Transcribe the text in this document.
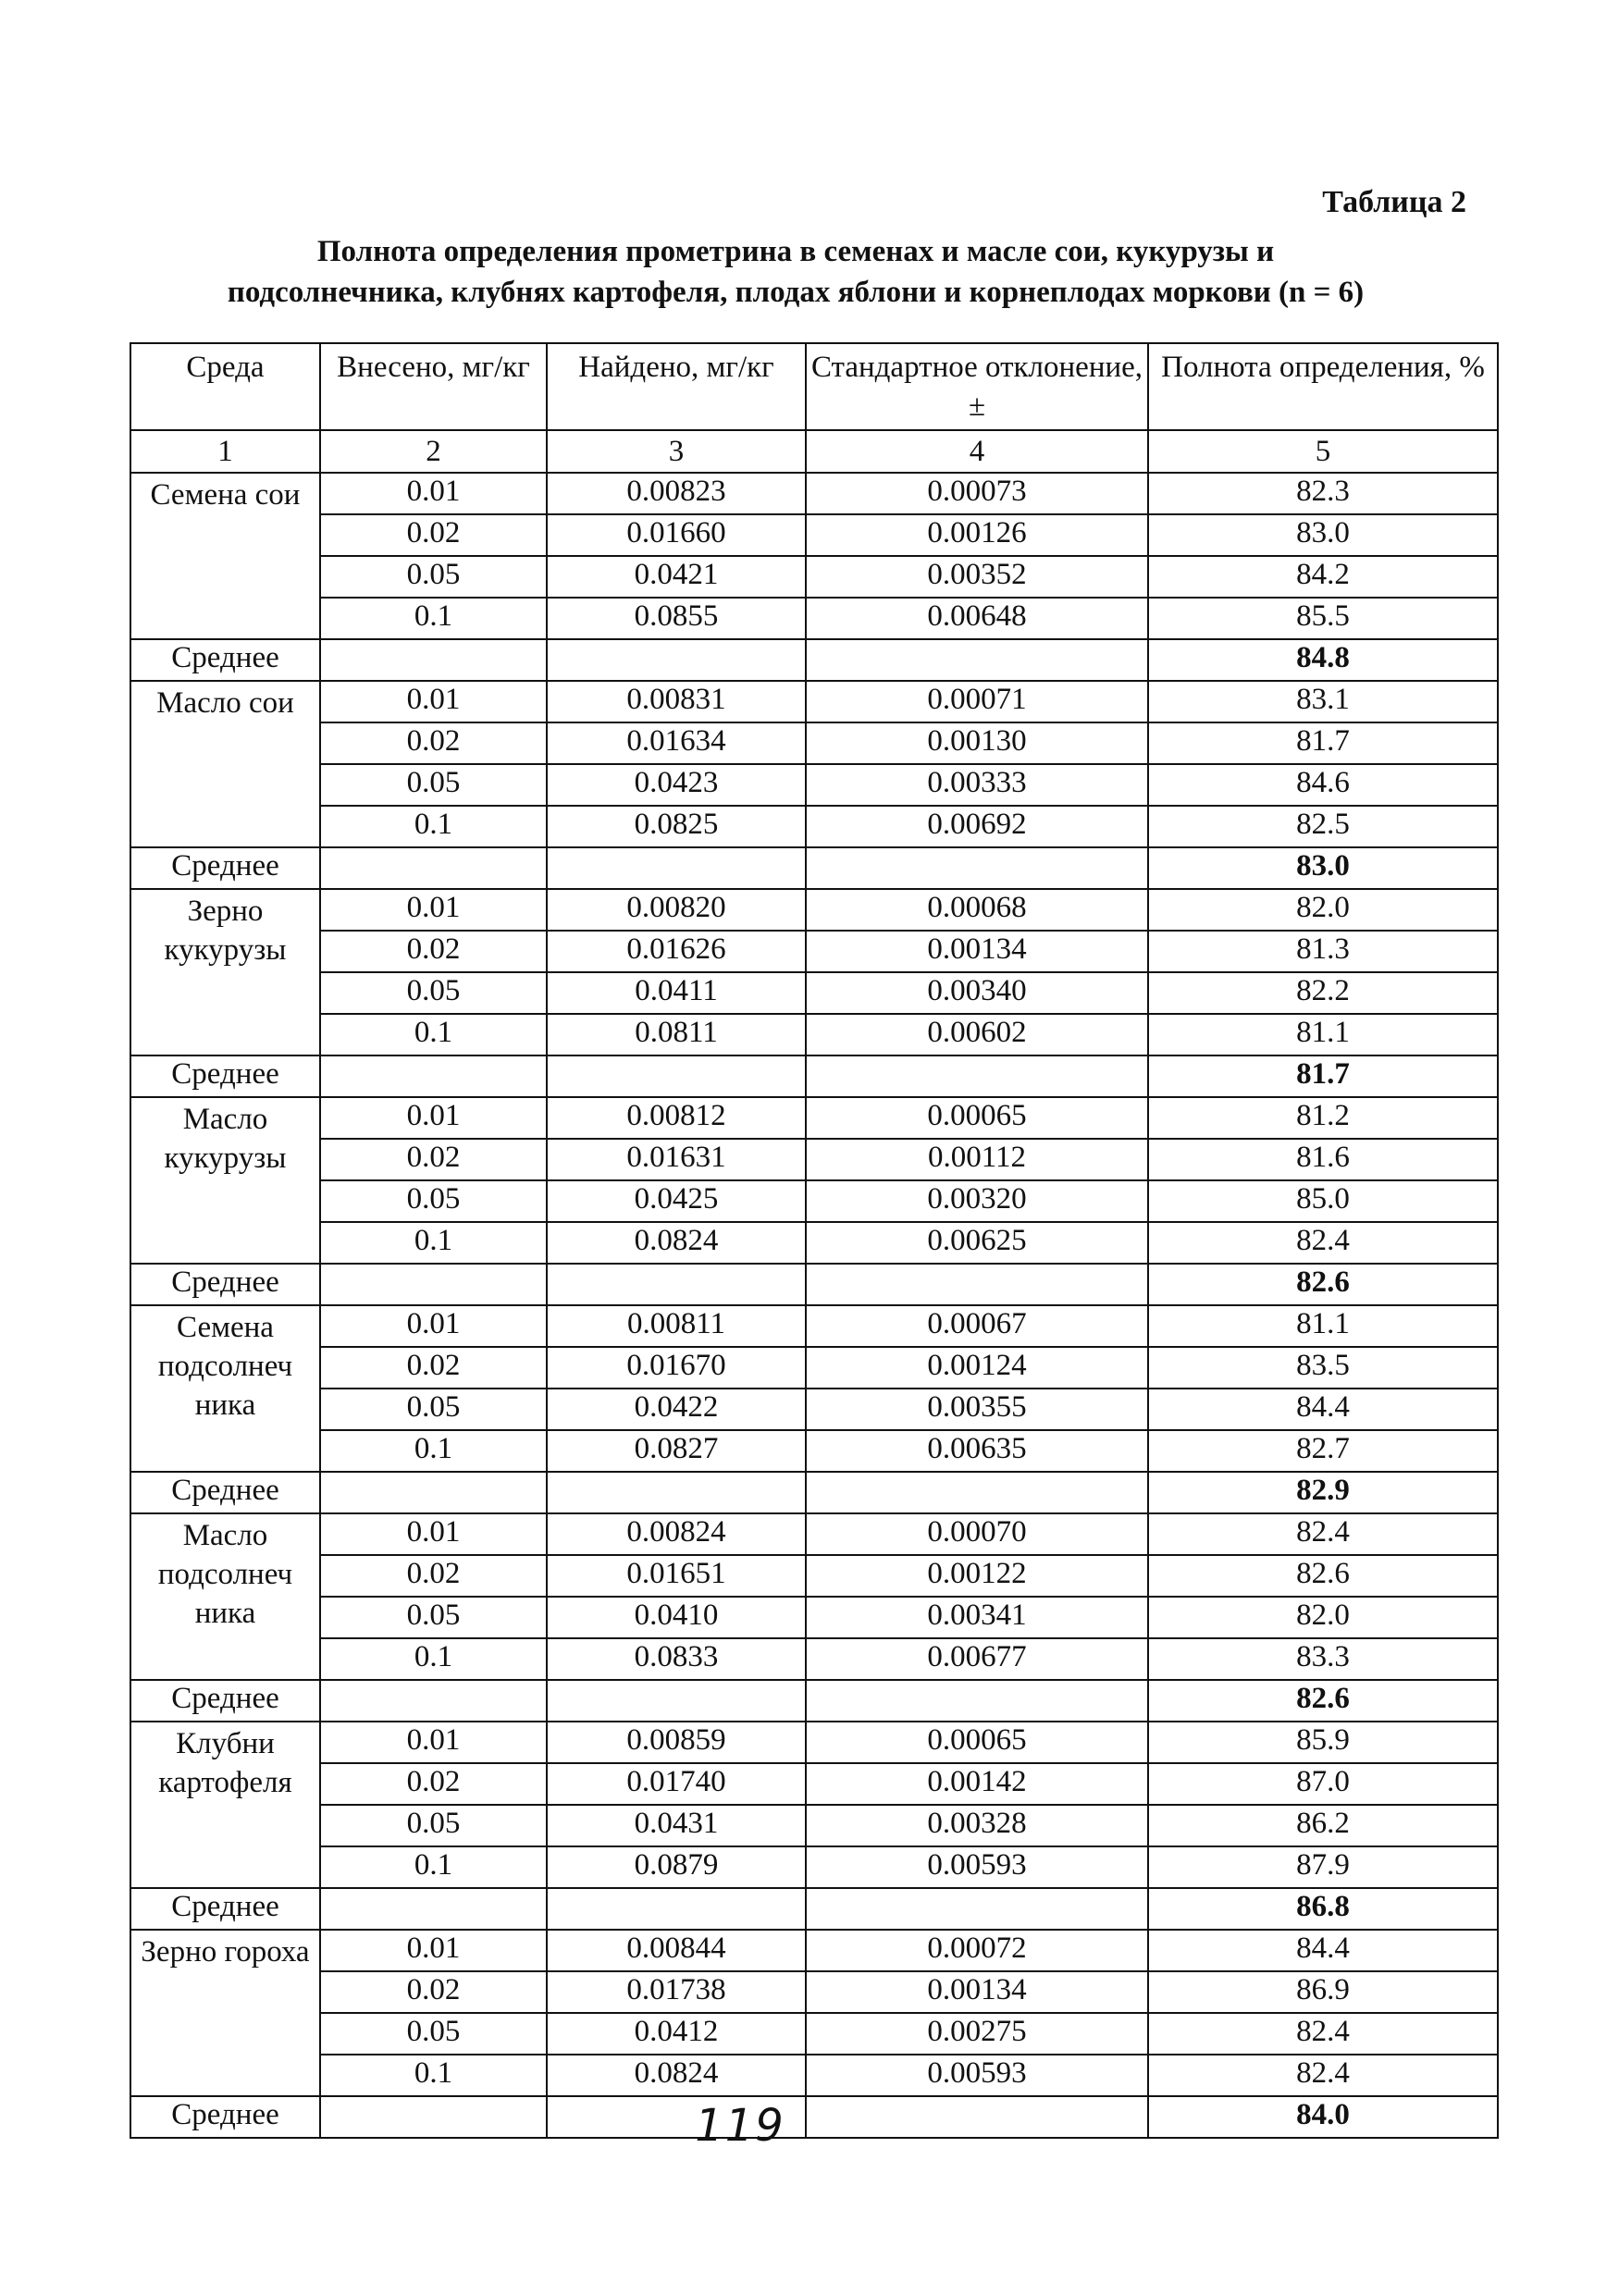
Таблица 2
Полнота определения прометрина в семенах и масле сои, кукурузы и
подсолнечника, клубнях картофеля, плодах яблони и корнеплодах моркови (n = 6)
Среда	Внесено, мг/кг	Найдено, мг/кг	Стандартное отклонение, ±	Полнота определения, %
1	2	3	4	5
Семена сои	0.01	0.00823	0.00073	82.3
	0.02	0.01660	0.00126	83.0
	0.05	0.0421	0.00352	84.2
	0.1	0.0855	0.00648	85.5
Среднее				84.8
Масло сои	0.01	0.00831	0.00071	83.1
	0.02	0.01634	0.00130	81.7
	0.05	0.0423	0.00333	84.6
	0.1	0.0825	0.00692	82.5
Среднее				83.0
Зерно кукурузы	0.01	0.00820	0.00068	82.0
	0.02	0.01626	0.00134	81.3
	0.05	0.0411	0.00340	82.2
	0.1	0.0811	0.00602	81.1
Среднее				81.7
Масло кукурузы	0.01	0.00812	0.00065	81.2
	0.02	0.01631	0.00112	81.6
	0.05	0.0425	0.00320	85.0
	0.1	0.0824	0.00625	82.4
Среднее				82.6
Семена подсолнеч ника	0.01	0.00811	0.00067	81.1
	0.02	0.01670	0.00124	83.5
	0.05	0.0422	0.00355	84.4
	0.1	0.0827	0.00635	82.7
Среднее				82.9
Масло подсолнеч ника	0.01	0.00824	0.00070	82.4
	0.02	0.01651	0.00122	82.6
	0.05	0.0410	0.00341	82.0
	0.1	0.0833	0.00677	83.3
Среднее				82.6
Клубни картофеля	0.01	0.00859	0.00065	85.9
	0.02	0.01740	0.00142	87.0
	0.05	0.0431	0.00328	86.2
	0.1	0.0879	0.00593	87.9
Среднее				86.8
Зерно гороха	0.01	0.00844	0.00072	84.4
	0.02	0.01738	0.00134	86.9
	0.05	0.0412	0.00275	82.4
	0.1	0.0824	0.00593	82.4
Среднее				84.0
119
